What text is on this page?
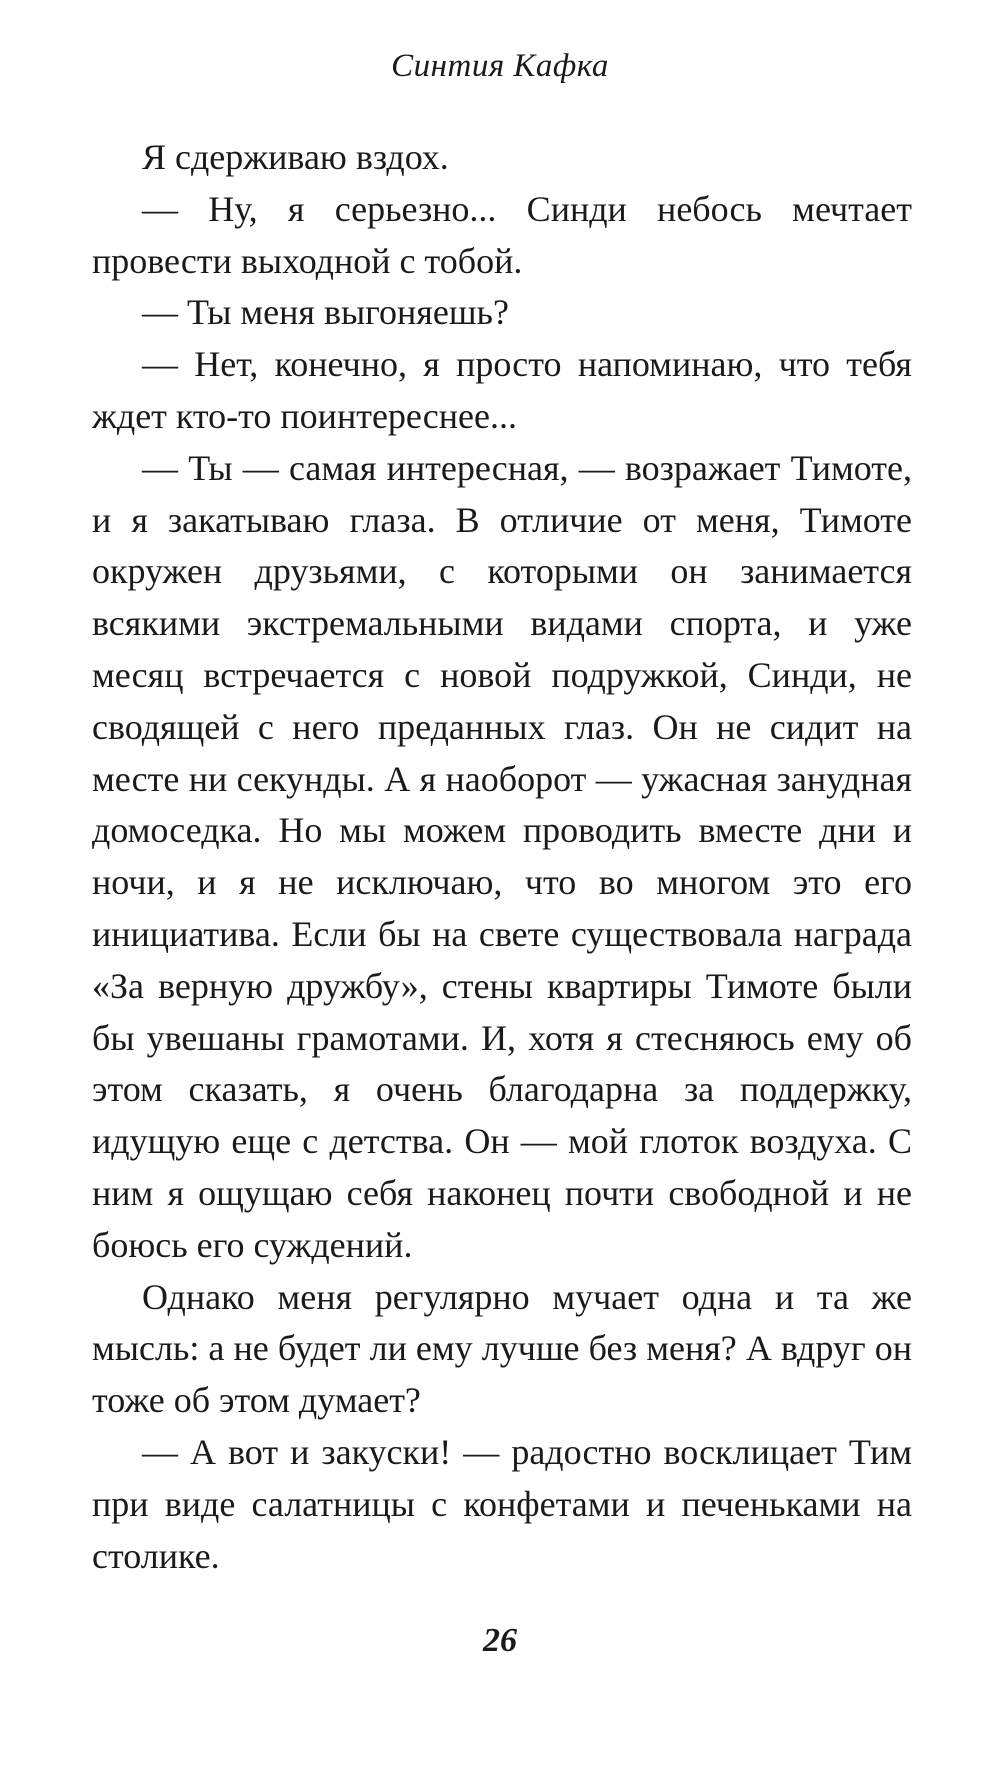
Синтия Кафка

Я сдерживаю вздох.

— Ну, я серьезно... Синди небось мечтает провести выходной с тобой.

— Ты меня выгоняешь?

— Нет, конечно, я просто напоминаю, что тебя ждет кто-то поинтереснее...

— Ты — самая интересная, — возражает Тимоте, и я закатываю глаза. В отличие от меня, Тимоте окружен друзьями, с которыми он занимается всякими экстремальными видами спорта, и уже месяц встречается с новой подружкой, Синди, не сводящей с него преданных глаз. Он не сидит на месте ни секунды. А я наоборот — ужасная занудная домоседка. Но мы можем проводить вместе дни и ночи, и я не исключаю, что во многом это его инициатива. Если бы на свете существовала награда «За верную дружбу», стены квартиры Тимоте были бы увешаны грамотами. И, хотя я стесняюсь ему об этом сказать, я очень благодарна за поддержку, идущую еще с детства. Он — мой глоток воздуха. С ним я ощущаю себя наконец почти свободной и не боюсь его суждений.

Однако меня регулярно мучает одна и та же мысль: а не будет ли ему лучше без меня? А вдруг он тоже об этом думает?

— А вот и закуски! — радостно восклицает Тим при виде салатницы с конфетами и печеньками на столике.

26
